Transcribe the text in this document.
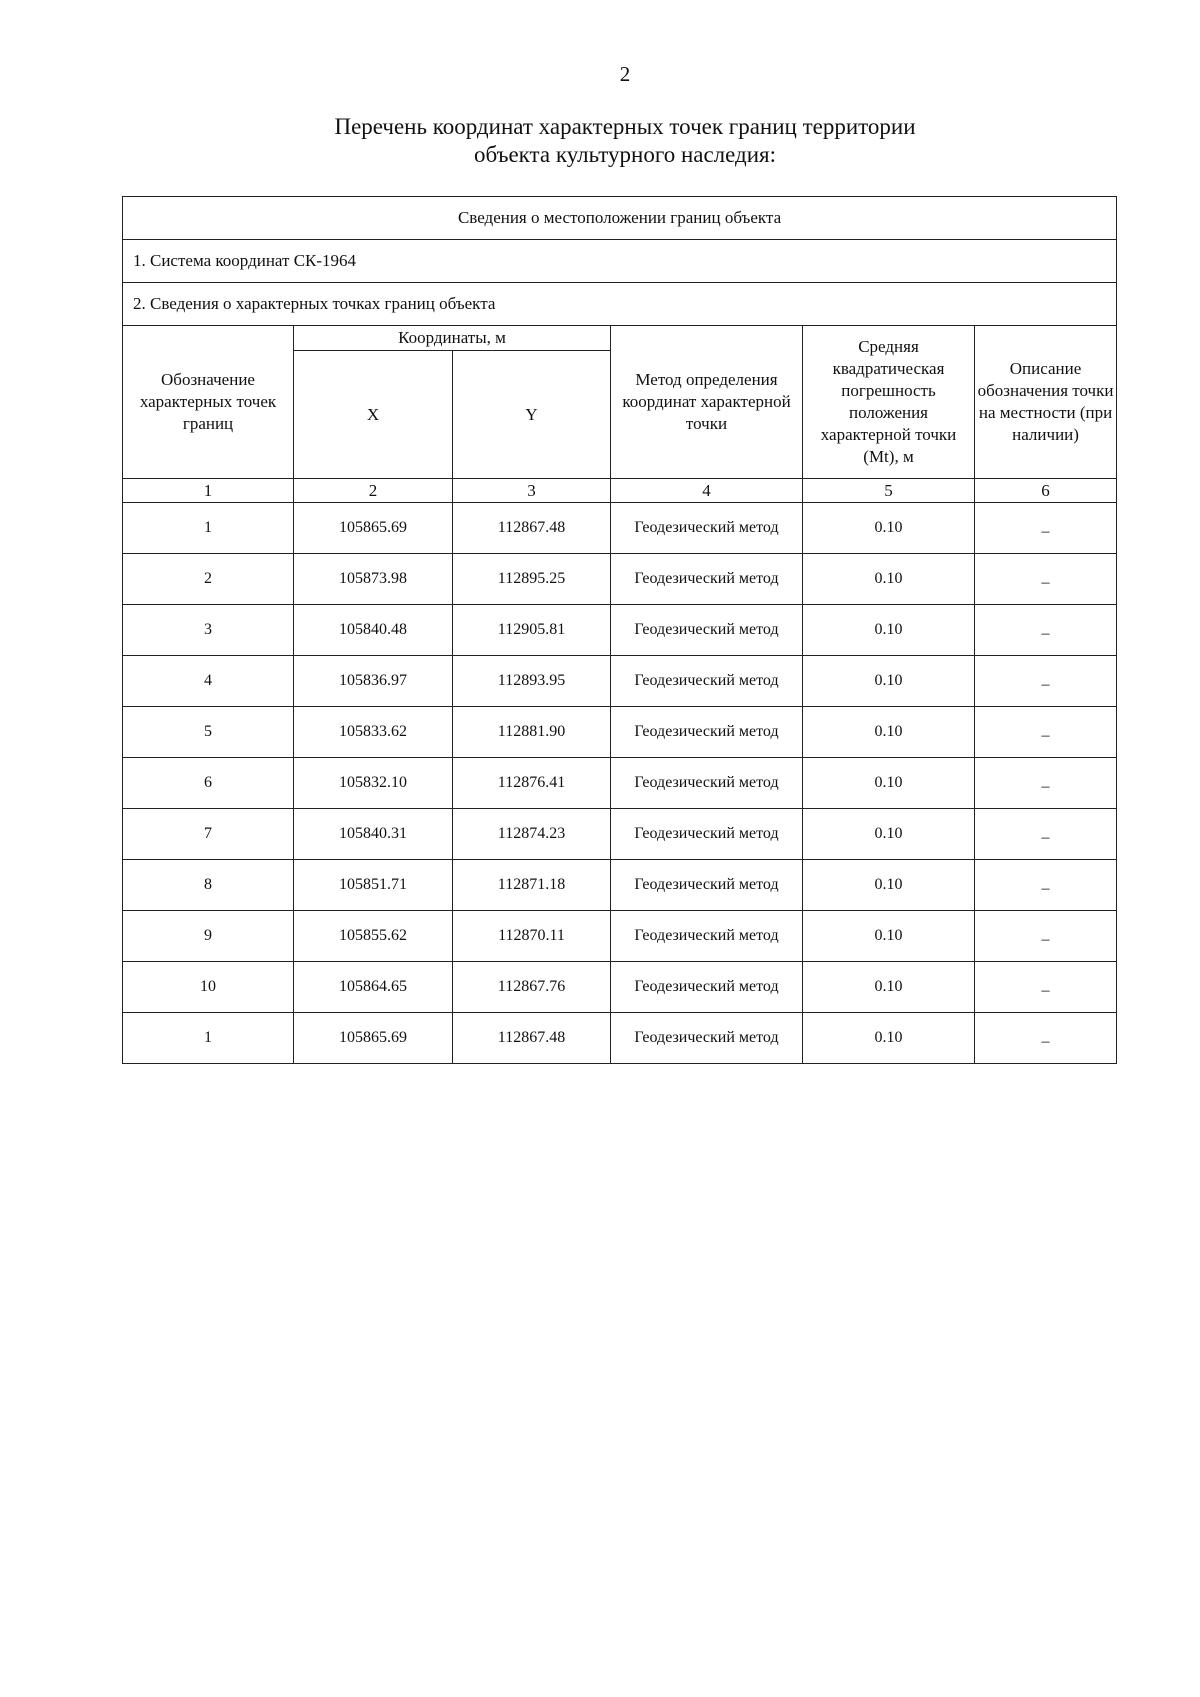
2
Перечень координат характерных точек границ территории
объекта культурного наследия:
Сведения о местоположении границ объекта					
1. Система координат СК-1964					
2. Сведения о характерных точках границ объекта					
Обозначение характерных точек границ	Координаты, м		Метод определения координат характерной точки	Средняя квадратическая погрешность положения характерной точки (Mt), м	Описание обозначения точки на местности (при наличии)
	X	Y			
1	2	3	4	5	6
1	105865.69	112867.48	Геодезический метод	0.10	–
2	105873.98	112895.25	Геодезический метод	0.10	–
3	105840.48	112905.81	Геодезический метод	0.10	–
4	105836.97	112893.95	Геодезический метод	0.10	–
5	105833.62	112881.90	Геодезический метод	0.10	–
6	105832.10	112876.41	Геодезический метод	0.10	–
7	105840.31	112874.23	Геодезический метод	0.10	–
8	105851.71	112871.18	Геодезический метод	0.10	–
9	105855.62	112870.11	Геодезический метод	0.10	–
10	105864.65	112867.76	Геодезический метод	0.10	–
1	105865.69	112867.48	Геодезический метод	0.10	–
